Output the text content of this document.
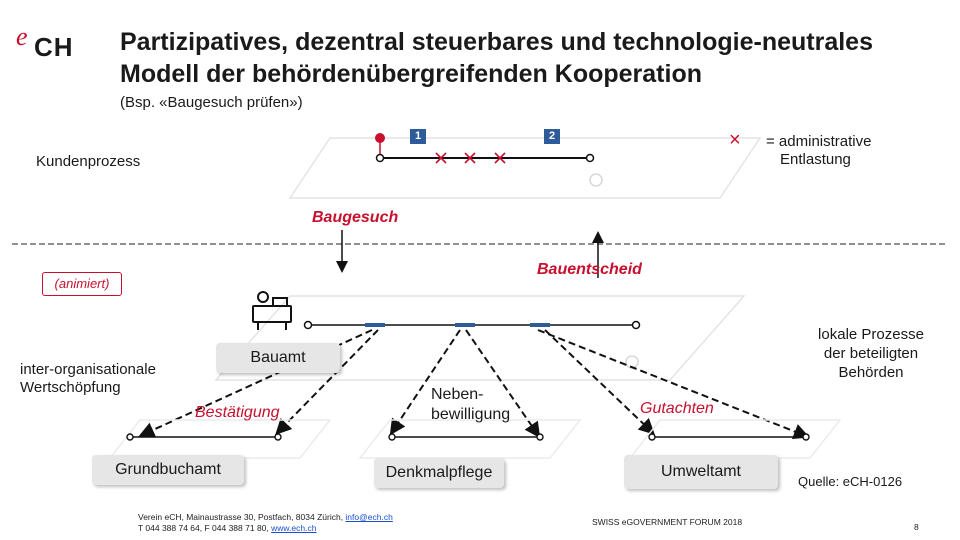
e CH Partizipatives, dezentral steuerbares und technologie-neutrales Modell der behördenübergreifenden Kooperation
(Bsp. «Baugesuch prüfen»)
1	2	× = administrative
Entlastung
Kundenprozess
Baugesuch
Bauentscheid
(animiert)
inter-organisationale
Wertschöpfung
Bauamt
Bestätigung
Neben-
bewilligung	Gutachten
lokale Prozesse
der beteiligten
Behörden
Grundbuchamt	Denkmalpflege	Umweltamt
Quelle: eCH-0126
Verein eCH, Mainaustrasse 30, Postfach, 8034 Zürich, info@ech.ch
T 044 388 74 64, F 044 388 71 80, www.ech.ch
SWISS eGOVERNMENT FORUM 2018	8
